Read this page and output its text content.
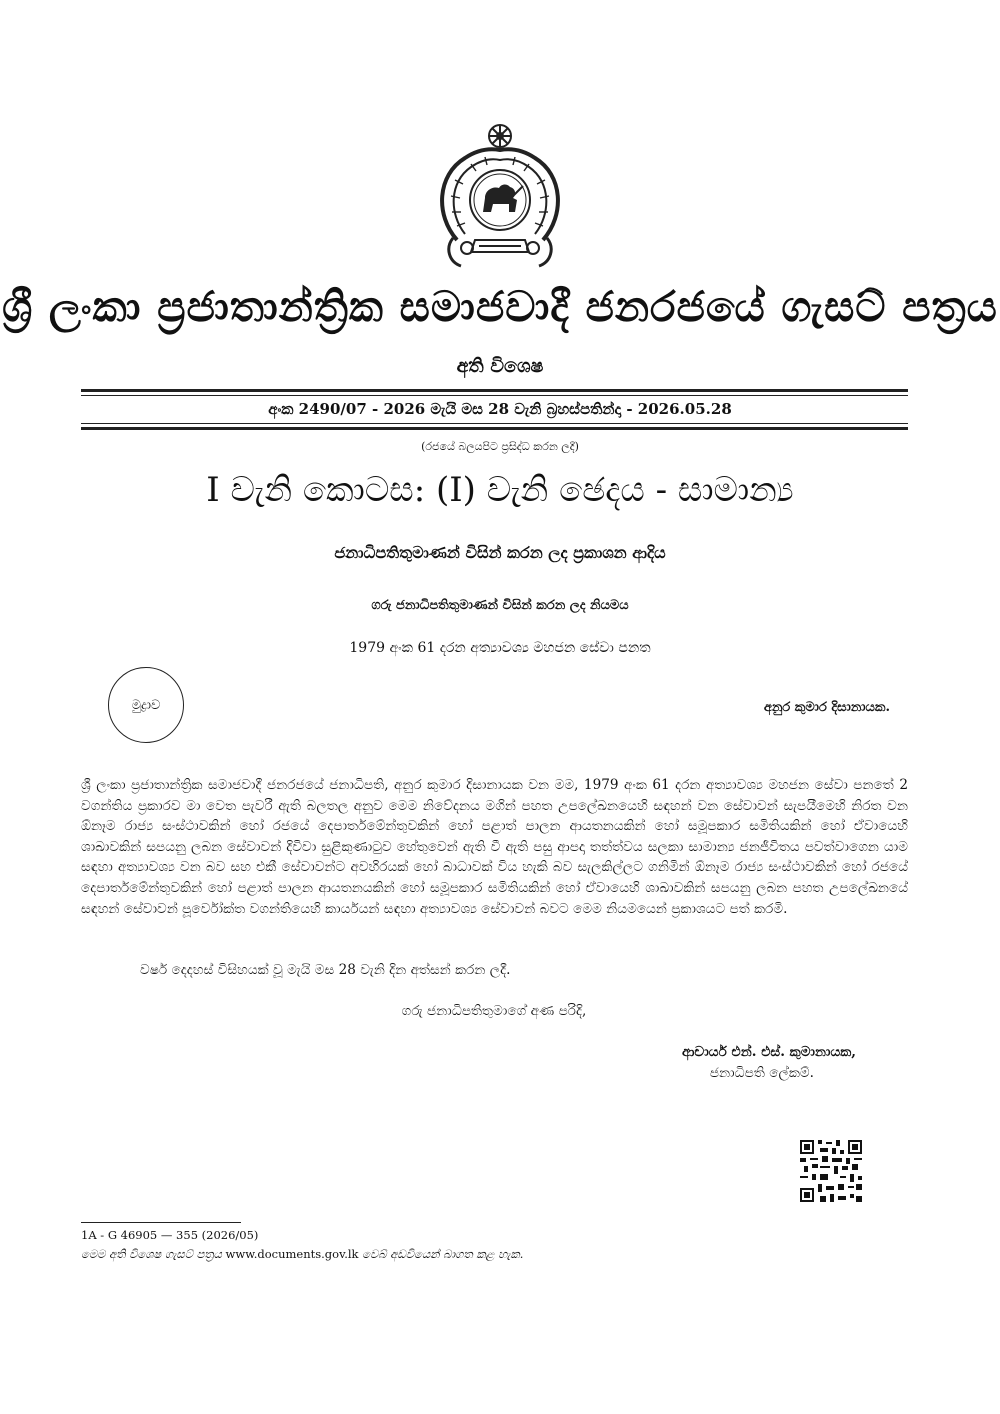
ශ්‍රී ලංකා ප්‍රජාතාන්ත්‍රික සමාජවාදී ජනරජයේ ගැසට් පත්‍රය
අති විශෙෂ
අංක 2490/07 - 2026 මැයි මස 28 වැනි බ්‍රහස්පතින්දා - 2026.05.28
(රජයේ බලයපිට ප්‍රසිද්ධ කරන ලදී)
I වැනි කොටස: (I) වැනි ඡෙදය - සාමාන්‍ය
ජනාධිපතිතුමාණන් විසින් කරන ලද ප්‍රකාශන ආදිය
ගරු ජනාධිපතිතුමාණන් විසින් කරන ලද නියමය
1979 අංක 61 දරන අත්‍යාවශ්‍ය මහජන සේවා පනත
මුද්‍රාව	අනුර කුමාර දිසානායක.

ශ්‍රී ලංකා ප්‍රජාතාන්ත්‍රික සමාජවාදී ජනරජයේ ජනාධිපති, අනුර කුමාර දිසානායක වන මම, 1979 අංක 61 දරන අත්‍යාවශ්‍ය මහජන සේවා පනතේ 2 වගන්තිය ප්‍රකාරව මා වෙත පැවරී ඇති බලතල අනුව මෙම නිවේදනය මගින් පහත උපලේඛනයෙහි සඳහන් වන සේවාවන් සැපයීමෙහි නිරත වන ඕනෑම රාජ්‍ය සංස්ථාවකින් හෝ රජයේ දෙපාර්තමේන්තුවකින් හෝ පළාත් පාලන ආයතනයකින් හෝ සමූපකාර සමිතියකින් හෝ ඒවායෙහි ශාඛාවකින් සපයනු ලබන සේවාවන් දිවිවා සුළිකුණාටුව හේතුවෙන් ඇති වී ඇති පසු ආපදා තත්ත්වය සලකා සාමාන්‍ය ජනජීවිතය පවත්වාගෙන යාම සඳහා අත්‍යාවශ්‍ය වන බව සහ එකී සේවාවන්ට අවහිරයක් හෝ බාධාවක් විය හැකි බව සැලකිල්ලට ගනිමින් ඕනෑම රාජ්‍ය සංස්ථාවකින් හෝ රජයේ දෙපාර්තමේන්තුවකින් හෝ පළාත් පාලන ආයතනයකින් හෝ සමූපකාර සමිතියකින් හෝ ඒවායෙහි ශාඛාවකින් සපයනු ලබන පහත උපලේඛනයේ සඳහන් සේවාවන් පූර්වෝක්ත වගන්තියෙහි කාර්යයන් සඳහා අත්‍යාවශ්‍ය සේවාවන් බවට මෙම නියමයෙන් ප්‍රකාශයට පත් කරමි.

වර්ෂ දෙදහස් විසිහයක් වූ මැයි මස 28 වැනි දින අත්සන් කරන ලදී.
ගරු ජනාධිපතිතුමාගේ අණ පරිදි,
ආචාර්ය එන්. එස්. කුමානායක,
ජනාධිපති ලේකම්.
1A - G 46905 — 355 (2026/05)
මෙම අති විශෙෂ ගැසට් පත්‍රය www.documents.gov.lk වෙබ් අඩවියෙන් බාගත කළ හැක.
